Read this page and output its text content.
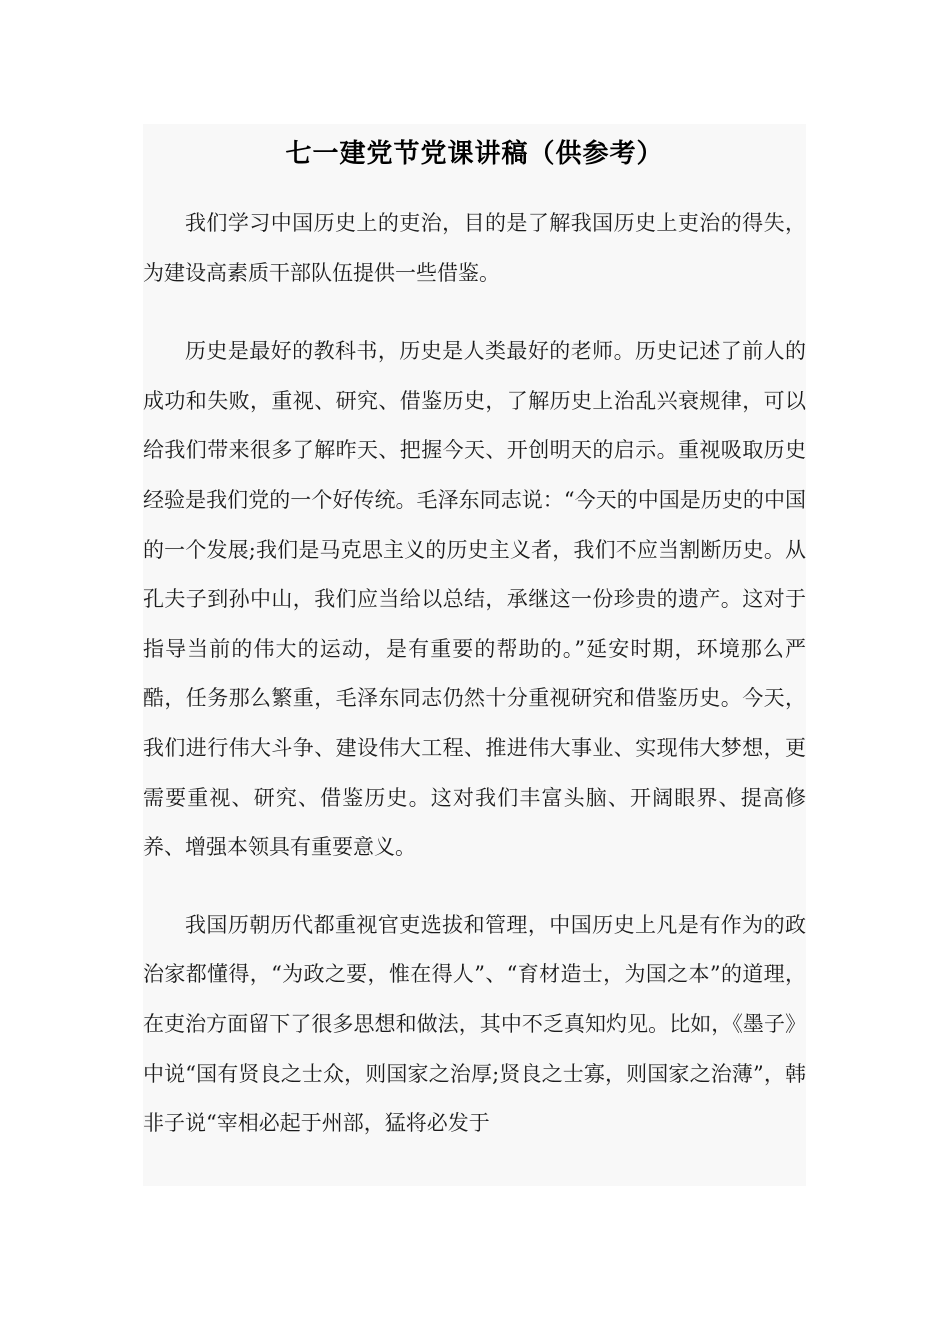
七一建党节党课讲稿（供参考）

我们学习中国历史上的吏治，目的是了解我国历史上吏治的得失，为建设高素质干部队伍提供一些借鉴。

历史是最好的教科书，历史是人类最好的老师。历史记述了前人的成功和失败，重视、研究、借鉴历史，了解历史上治乱兴衰规律，可以给我们带来很多了解昨天、把握今天、开创明天的启示。重视吸取历史经验是我们党的一个好传统。毛泽东同志说：“今天的中国是历史的中国的一个发展;我们是马克思主义的历史主义者，我们不应当割断历史。从孔夫子到孙中山，我们应当给以总结，承继这一份珍贵的遗产。这对于指导当前的伟大的运动，是有重要的帮助的。”延安时期，环境那么严酷，任务那么繁重，毛泽东同志仍然十分重视研究和借鉴历史。今天，我们进行伟大斗争、建设伟大工程、推进伟大事业、实现伟大梦想，更需要重视、研究、借鉴历史。这对我们丰富头脑、开阔眼界、提高修养、增强本领具有重要意义。

我国历朝历代都重视官吏选拔和管理，中国历史上凡是有作为的政治家都懂得，“为政之要，惟在得人”、“育材造士，为国之本”的道理，在吏治方面留下了很多思想和做法，其中不乏真知灼见。比如，《墨子》中说“国有贤良之士众，则国家之治厚;贤良之士寡，则国家之治薄”，韩非子说“宰相必起于州部，猛将必发于
